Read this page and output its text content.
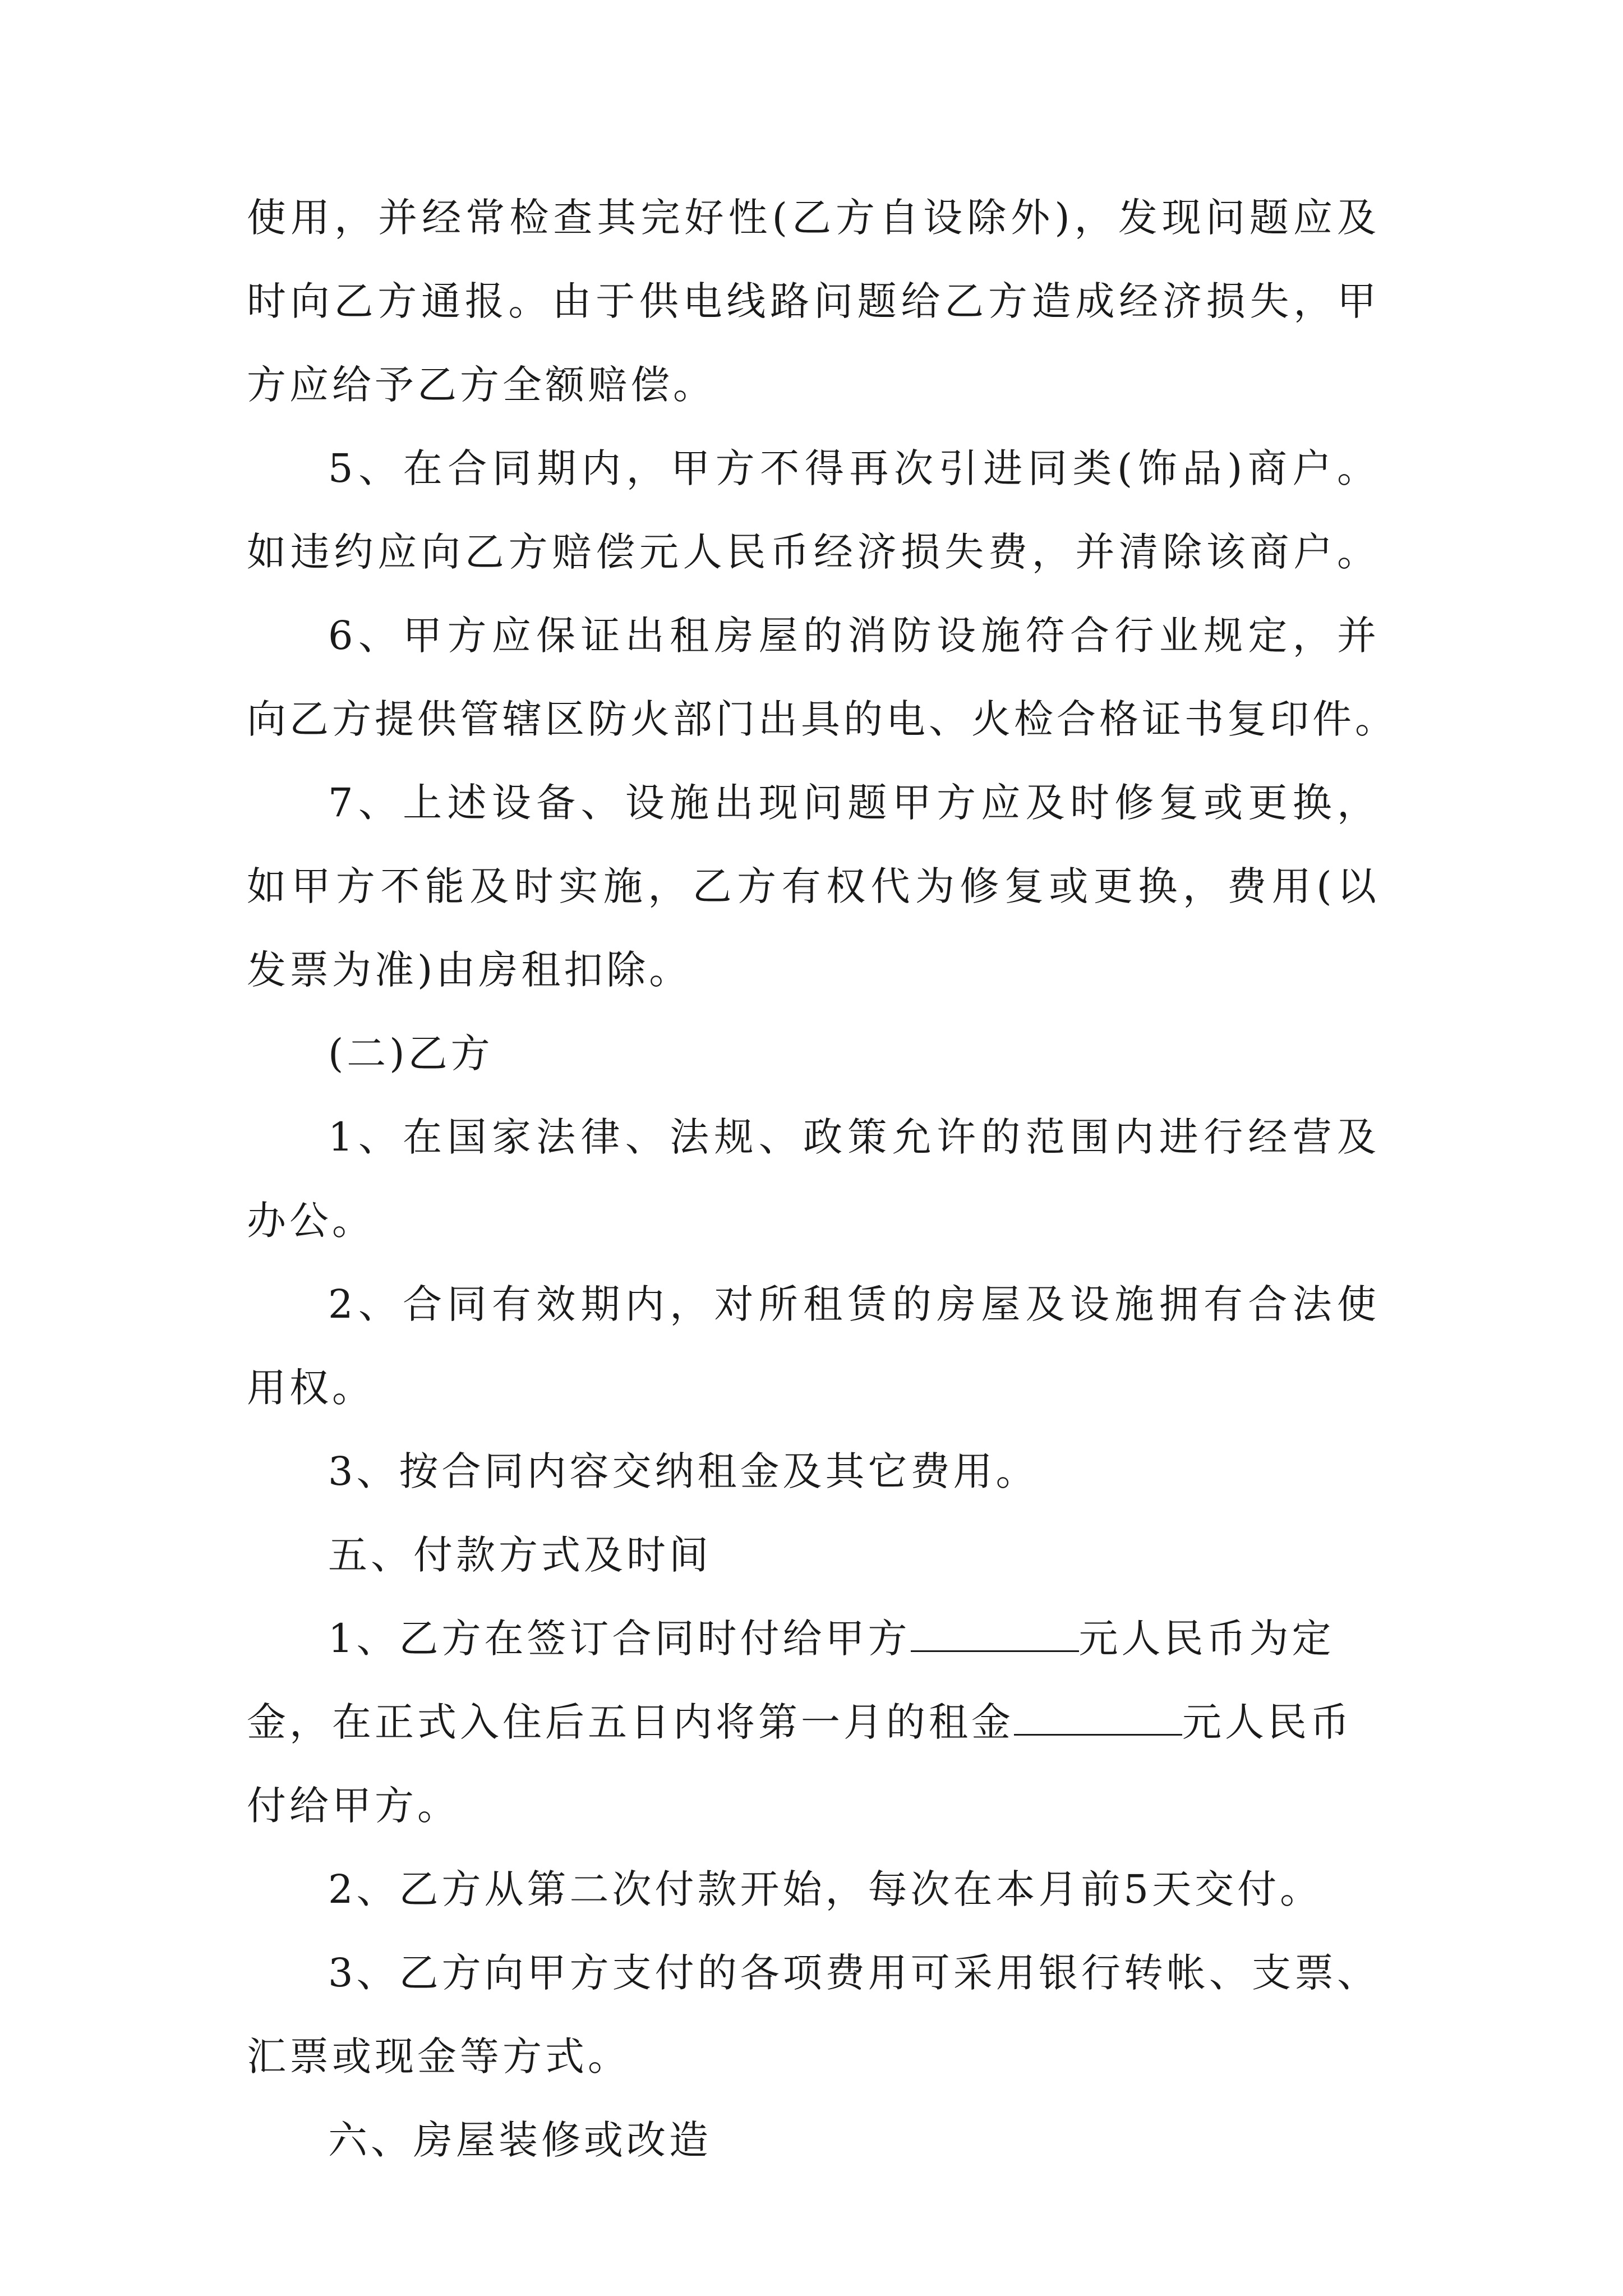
使用，并经常检查其完好性(乙方自设除外)，发现问题应及
时向乙方通报。由于供电线路问题给乙方造成经济损失，甲
方应给予乙方全额赔偿。
5、在合同期内，甲方不得再次引进同类(饰品)商户。
如违约应向乙方赔偿元人民币经济损失费，并清除该商户。
6、甲方应保证出租房屋的消防设施符合行业规定，并
向乙方提供管辖区防火部门出具的电、火检合格证书复印件。
7、上述设备、设施出现问题甲方应及时修复或更换，
如甲方不能及时实施，乙方有权代为修复或更换，费用(以
发票为准)由房租扣除。
(二)乙方
1、在国家法律、法规、政策允许的范围内进行经营及
办公。
2、合同有效期内，对所租赁的房屋及设施拥有合法使
用权。
3、按合同内容交纳租金及其它费用。
五、付款方式及时间
1、乙方在签订合同时付给甲方	元人民币为定
金，在正式入住后五日内将第一月的租金	元人民币
付给甲方。
2、乙方从第二次付款开始，每次在本月前5天交付。
3、乙方向甲方支付的各项费用可采用银行转帐、支票、
汇票或现金等方式。
六、房屋装修或改造
